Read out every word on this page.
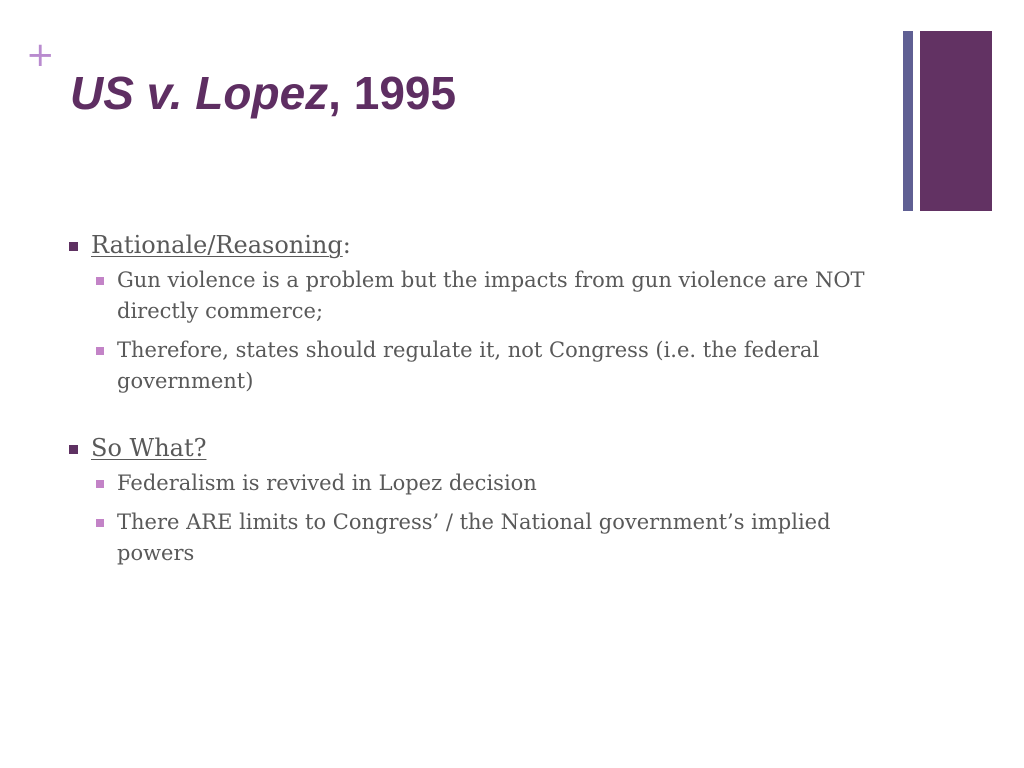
+
US v. Lopez, 1995
Rationale/Reasoning:
Gun violence is a problem but the impacts from gun violence are NOT directly commerce;
Therefore, states should regulate it, not Congress (i.e. the federal government)
So What?
Federalism is revived in Lopez decision
There ARE limits to Congress’ / the National government’s implied powers
